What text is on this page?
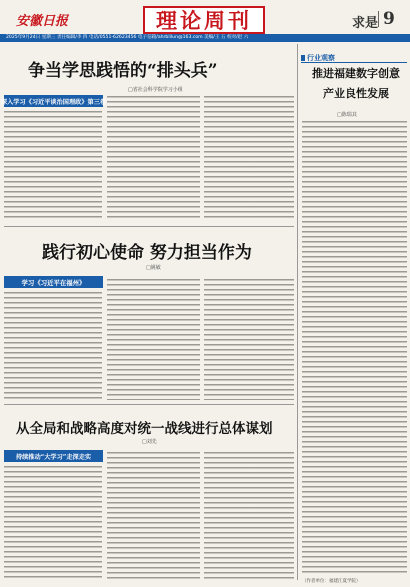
安徽日报	理论周刊	求是 9
2025年9月24日 星期三 责任编辑/李 四 电话/0551-62623456 电子信箱/ahrblilun@163.com 美编/王 五 校对/赵 六
争当学思践悟的“排头兵”
□省社会科学院学习小组
深入学习《习近平谈治国理政》第三卷
践行初心使命 努力担当作为
□姚敏
学习《习近平在福州》
从全局和战略高度对统一战线进行总体谋划
□刘先
持续推动“大学习”走深走实
行业观察
推进福建数字创意
产业良性发展
□陈瑞其
（作者单位：福建江夏学院）
